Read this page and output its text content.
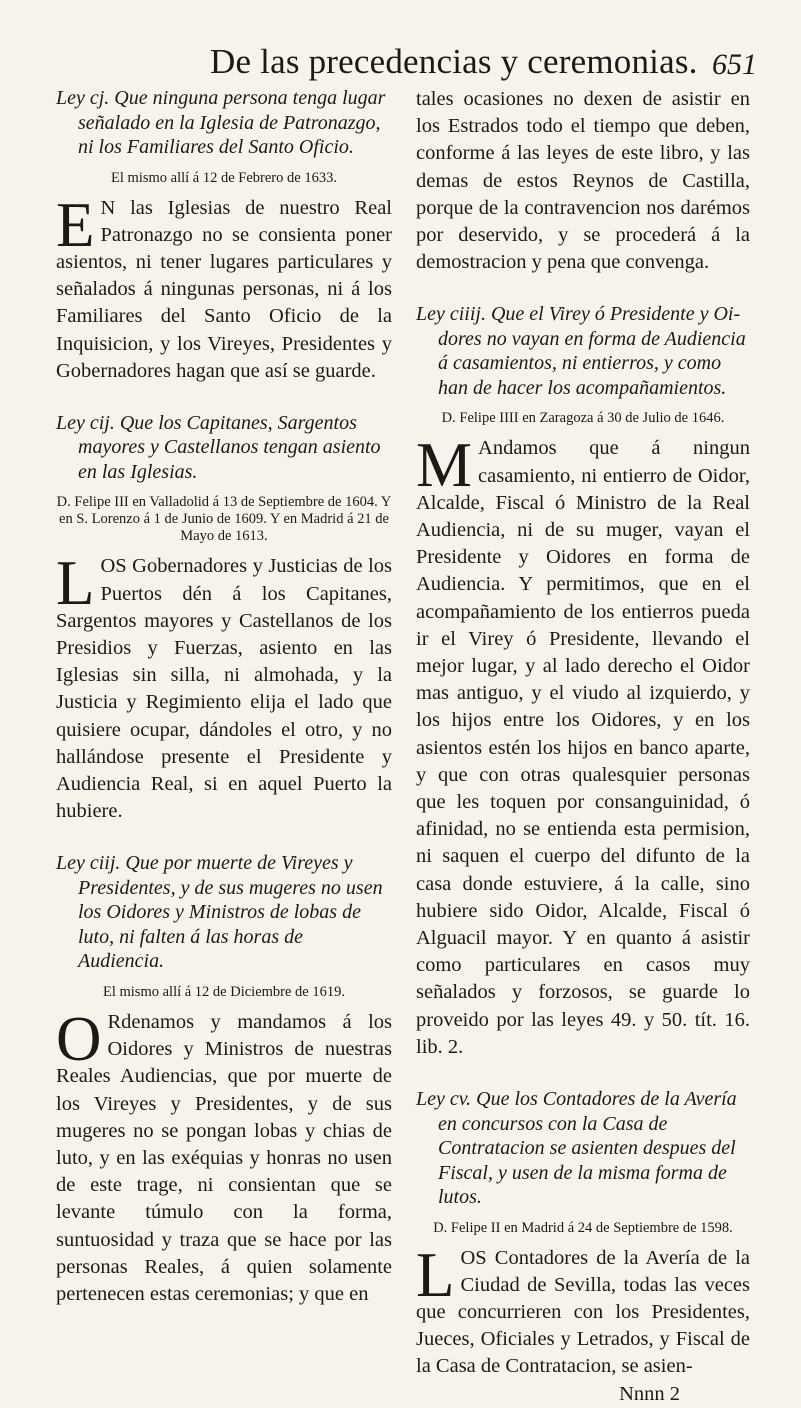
De las precedencias y ceremonias. 651
Ley cj. Que ninguna persona tenga lugar
señalado en la Iglesia de Patronazgo, ni los Familiares del Santo Oficio.
El mismo allí á 12 de Febrero de 1633.

E N las Iglesias de nuestro Real Patronazgo no se consienta poner asientos, ni tener lugares particulares y señalados á ningunas personas, ni á los Familiares del Santo Oficio de la Inquisicion, y los Vireyes, Presidentes y Gobernadores hagan que así se guarde.

Ley cij. Que los Capitanes, Sargentos
mayores y Castellanos tengan asiento en las Iglesias.
D. Felipe III en Valladolid á 13 de Septiembre de 1604. Y en S. Lorenzo á 1 de Junio de 1609. Y en Madrid á 21 de Mayo de 1613.

LOS Gobernadores y Justicias de los Puertos dén á los Capitanes, Sargentos mayores y Castellanos de los Presidios y Fuerzas, asiento en las Iglesias sin silla, ni almohada, y la Justicia y Regimiento elija el lado que quisiere ocupar, dándoles el otro, y no hallándose presente el Presidente y Audiencia Real, si en aquel Puerto la hubiere.

Ley ciij. Que por muerte de Vireyes y
Presidentes, y de sus mugeres no usen los Oidores y Ministros de lobas de luto, ni falten á las horas de Audiencia.
El mismo allí á 12 de Diciembre de 1619.

O Rdenamos y mandamos á los Oidores y Ministros de nuestras Reales Audiencias, que por muerte de los Vireyes y Presidentes, y de sus mugeres no se pongan lobas y chias de luto, y en las exéquias y honras no usen de este trage, ni consientan que se levante túmulo con la forma, suntuosidad y traza que se hace por las personas Reales, á quien solamente pertenecen estas ceremonias; y que en

tales ocasiones no dexen de asistir en los Estrados todo el tiempo que deben, conforme á las leyes de este libro, y las demas de estos Reynos de Castilla, porque de la contravencion nos darémos por deservido, y se procederá á la demostracion y pena que convenga.

Ley ciiij. Que el Virey ó Presidente y Oi-
dores no vayan en forma de Audiencia á casamientos, ni entierros, y como han de hacer los acompañamientos.
D. Felipe IIII en Zaragoza á 30 de Julio de 1646.

M Andamos que á ningun casamiento, ni entierro de Oidor, Alcalde, Fiscal ó Ministro de la Real Audiencia, ni de su muger, vayan el Presidente y Oidores en forma de Audiencia. Y permitimos, que en el acompañamiento de los entierros pueda ir el Virey ó Presidente, llevando el mejor lugar, y al lado derecho el Oidor mas antiguo, y el viudo al izquierdo, y los hijos entre los Oidores, y en los asientos estén los hijos en banco aparte, y que con otras qualesquier personas que les toquen por consanguinidad, ó afinidad, no se entienda esta permision, ni saquen el cuerpo del difunto de la casa donde estuviere, á la calle, sino hubiere sido Oidor, Alcalde, Fiscal ó Alguacil mayor. Y en quanto á asistir como particulares en casos muy señalados y forzosos, se guarde lo proveido por las leyes 49. y 50. tít. 16. lib. 2.

Ley cv. Que los Contadores de la Avería
en concursos con la Casa de Contratacion se asienten despues del Fiscal, y usen de la misma forma de lutos.
D. Felipe II en Madrid á 24 de Septiembre de 1598.

LOS Contadores de la Avería de la Ciudad de Sevilla, todas las veces que concurrieren con los Presidentes, Jueces, Oficiales y Letrados, y Fiscal de la Casa de Contratacion, se asien-

Nnnn 2
